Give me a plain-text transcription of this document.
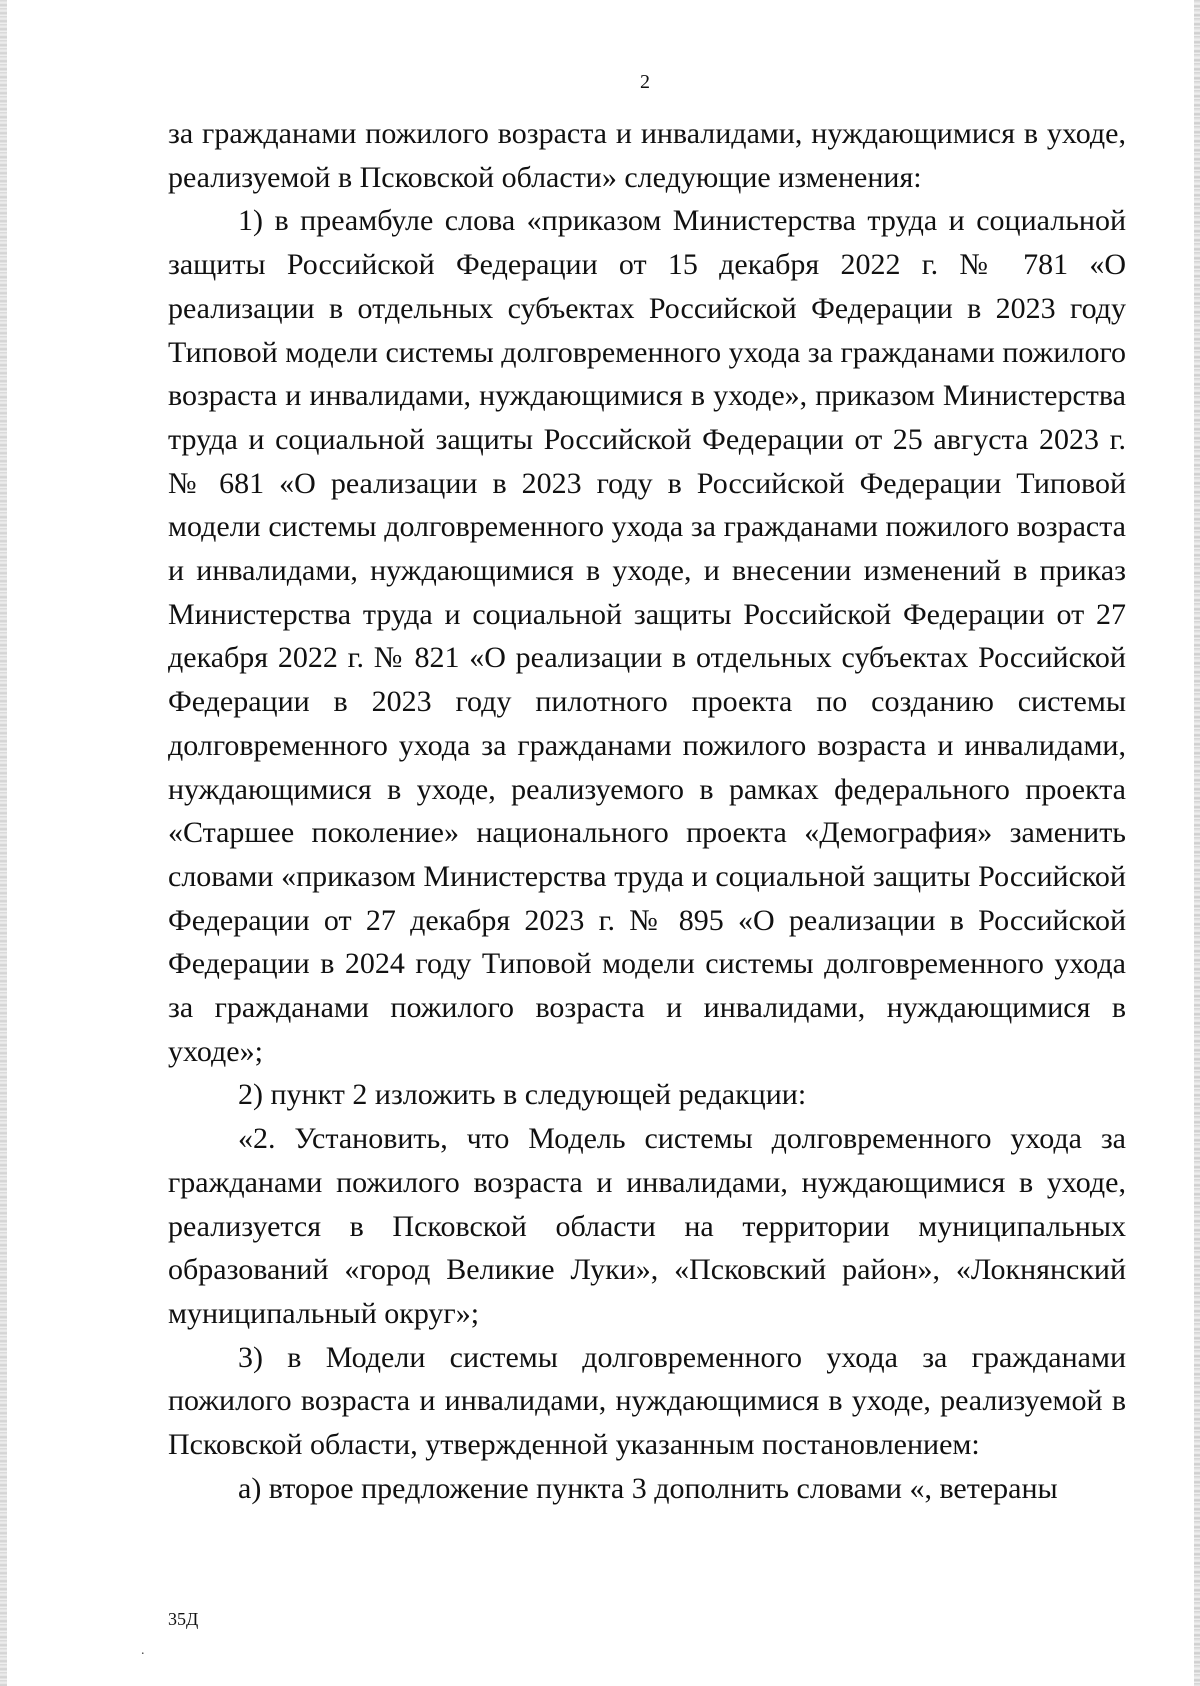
2

за гражданами пожилого возраста и инвалидами, нуждающимися в уходе, реализуемой в Псковской области» следующие изменения:

1) в преамбуле слова «приказом Министерства труда и социальной защиты Российской Федерации от 15 декабря 2022 г. № 781 «О реализации в отдельных субъектах Российской Федерации в 2023 году Типовой модели системы долговременного ухода за гражданами пожилого возраста и инвалидами, нуждающимися в уходе», приказом Министерства труда и социальной защиты Российской Федерации от 25 августа 2023 г. № 681 «О реализации в 2023 году в Российской Федерации Типовой модели системы долговременного ухода за гражданами пожилого возраста и инвалидами, нуждающимися в уходе, и внесении изменений в приказ Министерства труда и социальной защиты Российской Федерации от 27 декабря 2022 г. № 821 «О реализации в отдельных субъектах Российской Федерации в 2023 году пилотного проекта по созданию системы долговременного ухода за гражданами пожилого возраста и инвалидами, нуждающимися в уходе, реализуемого в рамках федерального проекта «Старшее поколение» национального проекта «Демография» заменить словами «приказом Министерства труда и социальной защиты Российской Федерации от 27 декабря 2023 г. № 895 «О реализации в Российской Федерации в 2024 году Типовой модели системы долговременного ухода за гражданами пожилого возраста и инвалидами, нуждающимися в уходе»;

2) пункт 2 изложить в следующей редакции:

«2. Установить, что Модель системы долговременного ухода за гражданами пожилого возраста и инвалидами, нуждающимися в уходе, реализуется в Псковской области на территории муниципальных образований «город Великие Луки», «Псковский район», «Локнянский муниципальный округ»;

3) в Модели системы долговременного ухода за гражданами пожилого возраста и инвалидами, нуждающимися в уходе, реализуемой в Псковской области, утвержденной указанным постановлением:

а) второе предложение пункта 3 дополнить словами «, ветераны

35Д
.
